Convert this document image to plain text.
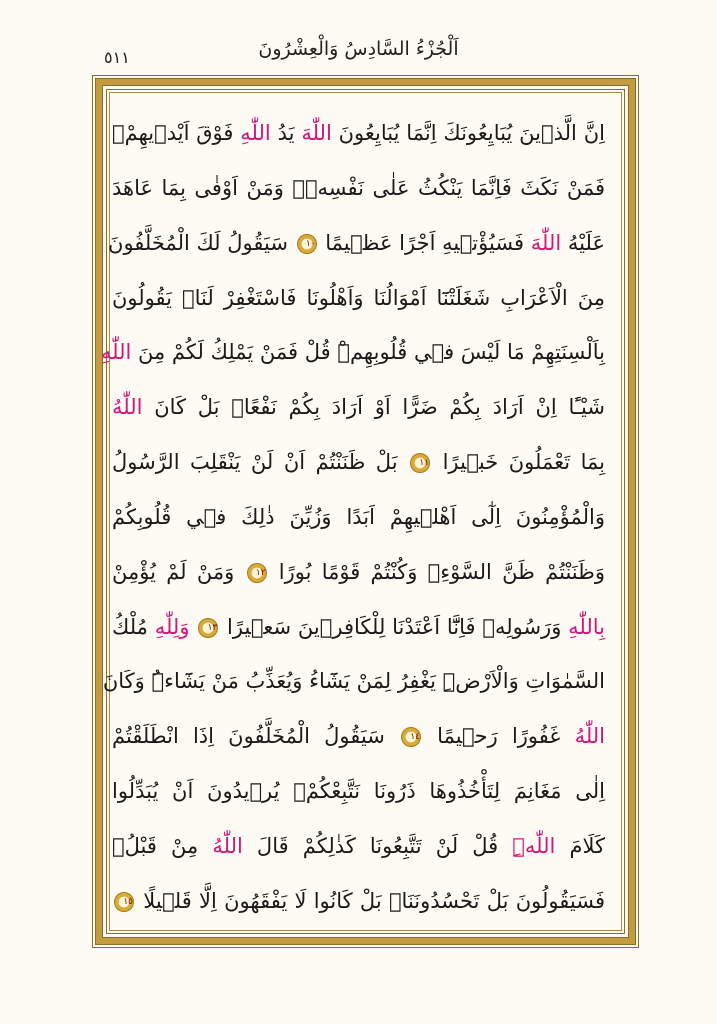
٥١١	اَلْجُزْءُ السَّادِسُ وَالْعِشْرُونَ
اِنَّ الَّذٖينَ يُبَايِعُونَكَ اِنَّمَا يُبَايِعُونَ اللّٰهَ يَدُ اللّٰهِ فَوْقَ اَيْدٖيهِمْۚ
فَمَنْ نَكَثَ فَاِنَّمَا يَنْكُثُ عَلٰى نَفْسِهٖۚ وَمَنْ اَوْفٰى بِمَا عَاهَدَ
عَلَيْهُ اللّٰهَ فَسَيُؤْتٖيهِ اَجْرًا عَظٖيمًا ١٠ سَيَقُولُ لَكَ الْمُخَلَّفُونَ
مِنَ الْاَعْرَابِ شَغَلَتْنَٓا اَمْوَالُنَا وَاَهْلُونَا فَاسْتَغْفِرْ لَنَاۚ يَقُولُونَ
بِاَلْسِنَتِهِمْ مَا لَيْسَ فٖي قُلُوبِهِمْۜ قُلْ فَمَنْ يَمْلِكُ لَكُمْ مِنَ اللّٰهِ
شَيْـًٔا اِنْ اَرَادَ بِكُمْ ضَرًّا اَوْ اَرَادَ بِكُمْ نَفْعًاۜ بَلْ كَانَ اللّٰهُ
بِمَا تَعْمَلُونَ خَبٖيرًا ١١ بَلْ ظَنَنْتُمْ اَنْ لَنْ يَنْقَلِبَ الرَّسُولُ
وَالْمُؤْمِنُونَ اِلٰٓى اَهْلٖيهِمْ اَبَدًا وَزُيِّنَ ذٰلِكَ فٖي قُلُوبِكُمْ
وَظَنَنْتُمْ ظَنَّ السَّوْءِۚ وَكُنْتُمْ قَوْمًا بُورًا ١٢ وَمَنْ لَمْ يُؤْمِنْ
بِاللّٰهِ وَرَسُولِهٖ فَاِنَّٓا اَعْتَدْنَا لِلْكَافِرٖينَ سَعٖيرًا ١٣ وَلِلّٰهِ مُلْكُ
السَّمٰوَاتِ وَالْاَرْضِۜ يَغْفِرُ لِمَنْ يَشَٓاءُ وَيُعَذِّبُ مَنْ يَشَٓاءُۜ وَكَانَ
اللّٰهُ غَفُورًا رَحٖيمًا ١٤ سَيَقُولُ الْمُخَلَّفُونَ اِذَا انْطَلَقْتُمْ
اِلٰى مَغَانِمَ لِتَأْخُذُوهَا ذَرُونَا نَتَّبِعْكُمْۚ يُرٖيدُونَ اَنْ يُبَدِّلُوا
كَلَامَ اللّٰهِۜ قُلْ لَنْ تَتَّبِعُونَا كَذٰلِكُمْ قَالَ اللّٰهُ مِنْ قَبْلُۚ
فَسَيَقُولُونَ بَلْ تَحْسُدُونَنَاۜ بَلْ كَانُوا لَا يَفْقَهُونَ اِلَّا قَلٖيلًا ١٥
